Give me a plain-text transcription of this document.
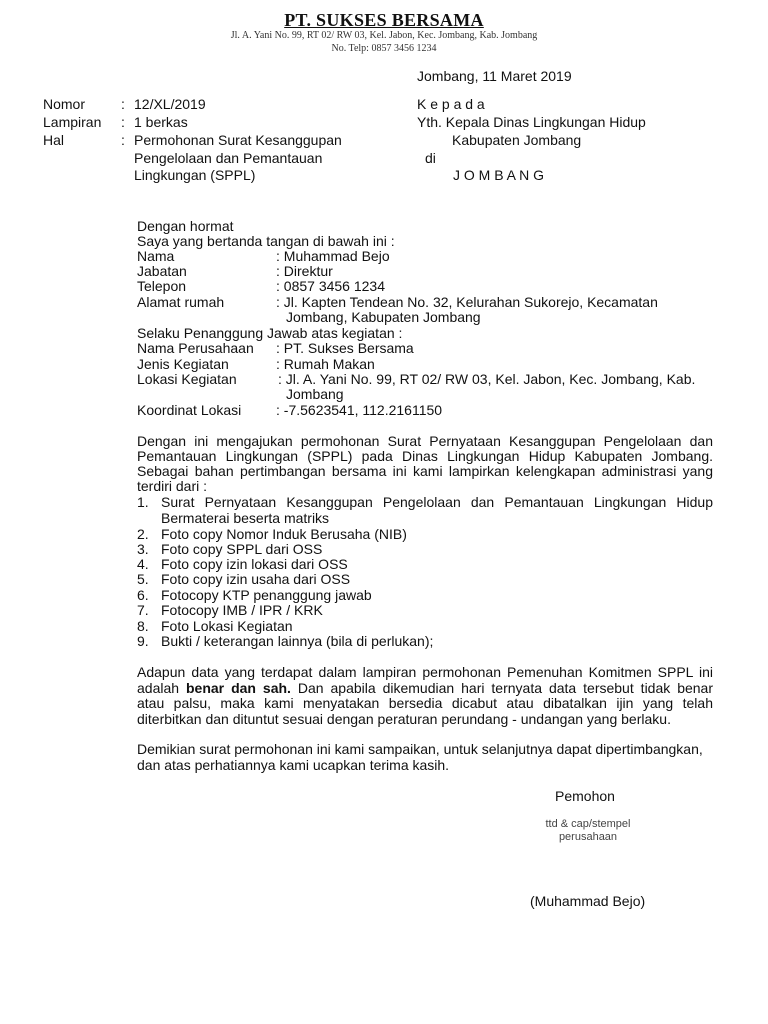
PT. SUKSES BERSAMA
Jl. A. Yani No. 99, RT 02/ RW 03, Kel. Jabon, Kec. Jombang, Kab. Jombang
No. Telp: 0857 3456 1234
Jombang, 11 Maret 2019
Nomor	: 12/XL/2019
Lampiran : 1 berkas
Hal	: Permohonan Surat Kesanggupan
Pengelolaan dan Pemantauan
Lingkungan (SPPL)
K e p a d a
Yth. Kepala Dinas Lingkungan Hidup
Kabupaten Jombang
di
J O M B A N G
Dengan hormat
Saya yang bertanda tangan di bawah ini :
Nama	: Muhammad Bejo
Jabatan	: Direktur
Telepon	: 0857 3456 1234
Alamat rumah	: Jl. Kapten Tendean No. 32, Kelurahan Sukorejo, Kecamatan
Jombang, Kabupaten Jombang
Selaku Penanggung Jawab atas kegiatan :
Nama Perusahaan : PT. Sukses Bersama
Jenis Kegiatan	: Rumah Makan
Lokasi Kegiatan	: Jl. A. Yani No. 99, RT 02/ RW 03, Kel. Jabon, Kec. Jombang, Kab.
Jombang
Koordinat Lokasi : -7.5623541, 112.2161150
Dengan ini mengajukan permohonan Surat Pernyataan Kesanggupan Pengelolaan dan
Pemantauan Lingkungan (SPPL) pada Dinas Lingkungan Hidup Kabupaten Jombang.
Sebagai bahan pertimbangan bersama ini kami lampirkan kelengkapan administrasi yang
terdiri dari :
1. Surat Pernyataan Kesanggupan Pengelolaan dan Pemantauan Lingkungan Hidup
Bermaterai beserta matriks
2. Foto copy Nomor Induk Berusaha (NIB)
3. Foto copy SPPL dari OSS
4. Foto copy izin lokasi dari OSS
5. Foto copy izin usaha dari OSS
6. Fotocopy KTP penanggung jawab
7. Fotocopy IMB / IPR / KRK
8. Foto Lokasi Kegiatan
9. Bukti / keterangan lainnya (bila di perlukan);
Adapun data yang terdapat dalam lampiran permohonan Pemenuhan Komitmen SPPL ini
adalah benar dan sah. Dan apabila dikemudian hari ternyata data tersebut tidak benar
atau palsu, maka kami menyatakan bersedia dicabut atau dibatalkan ijin yang telah
diterbitkan dan dituntut sesuai dengan peraturan perundang - undangan yang berlaku.
Demikian surat permohonan ini kami sampaikan, untuk selanjutnya dapat dipertimbangkan,
dan atas perhatiannya kami ucapkan terima kasih.
Pemohon
ttd & cap/stempel
perusahaan
(Muhammad Bejo)
